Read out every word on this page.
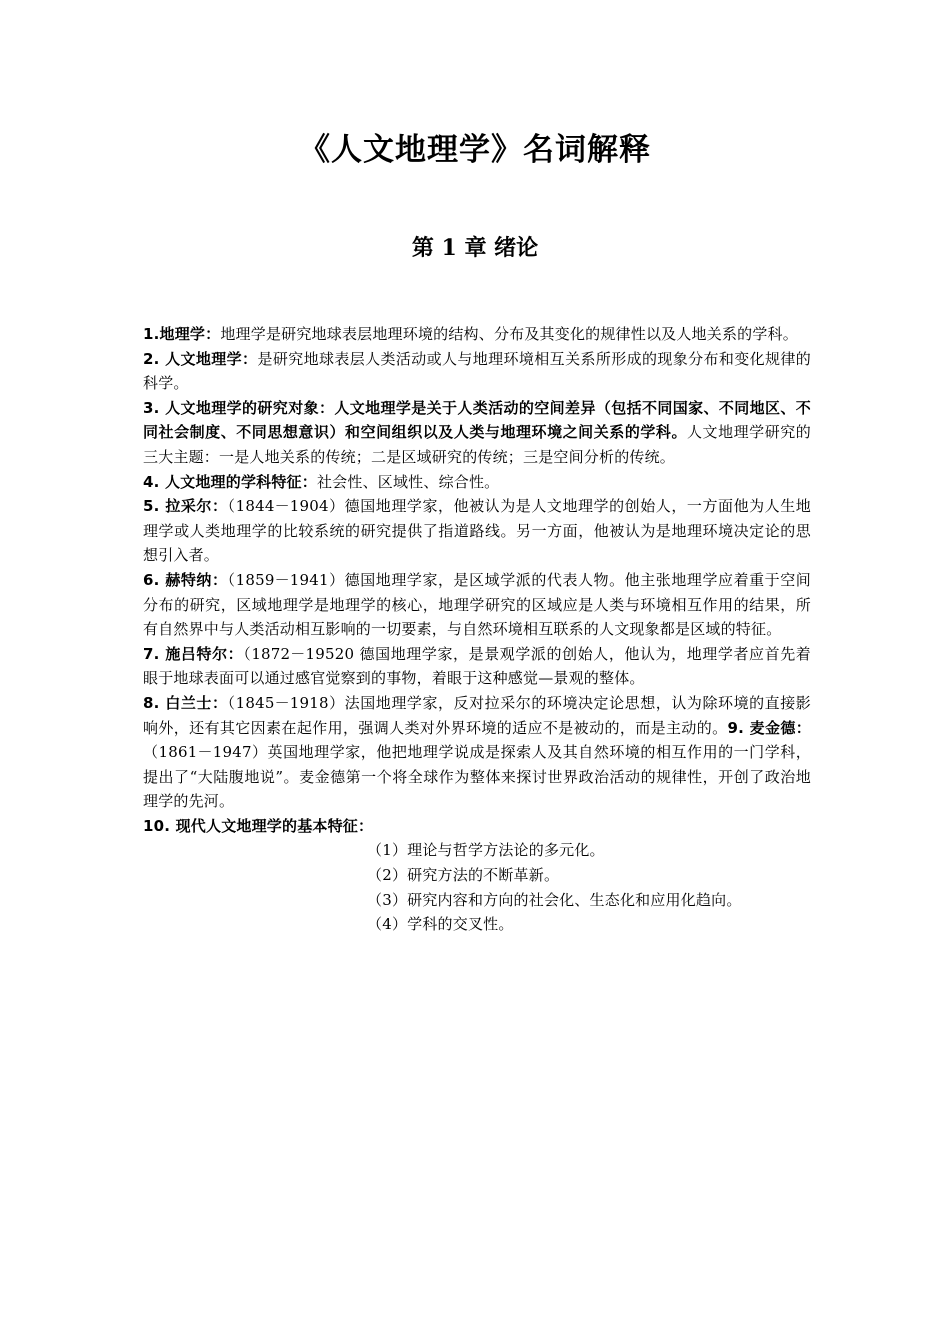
《人文地理学》名词解释
第 1 章 绪论

1.地理学：地理学是研究地球表层地理环境的结构、分布及其变化的规律性以及人地关系的学科。

2. 人文地理学：是研究地球表层人类活动或人与地理环境相互关系所形成的现象分布和变化规律的科学。

3. 人文地理学的研究对象：人文地理学是关于人类活动的空间差异（包括不同国家、不同地区、不同社会制度、不同思想意识）和空间组织以及人类与地理环境之间关系的学科。人文地理学研究的三大主题：一是人地关系的传统；二是区域研究的传统；三是空间分析的传统。

4. 人文地理的学科特征：社会性、区域性、综合性。

5. 拉采尔：（1844－1904）德国地理学家，他被认为是人文地理学的创始人，一方面他为人生地理学或人类地理学的比较系统的研究提供了指道路线。另一方面，他被认为是地理环境决定论的思想引入者。

6. 赫特纳：（1859－1941）德国地理学家，是区域学派的代表人物。他主张地理学应着重于空间分布的研究，区域地理学是地理学的核心，地理学研究的区域应是人类与环境相互作用的结果，所有自然界中与人类活动相互影响的一切要素，与自然环境相互联系的人文现象都是区域的特征。

7. 施吕特尔：（1872－19520 德国地理学家，是景观学派的创始人，他认为，地理学者应首先着眼于地球表面可以通过感官觉察到的事物，着眼于这种感觉—景观的整体。

8. 白兰士：（1845－1918）法国地理学家，反对拉采尔的环境决定论思想，认为除环境的直接影响外，还有其它因素在起作用，强调人类对外界环境的适应不是被动的，而是主动的。9. 麦金德：（1861－1947）英国地理学家，他把地理学说成是探索人及其自然环境的相互作用的一门学科，提出了“大陆腹地说”。麦金德第一个将全球作为整体来探讨世界政治活动的规律性，开创了政治地理学的先河。

10. 现代人文地理学的基本特征：

（1）理论与哲学方法论的多元化。
（2）研究方法的不断革新。
（3）研究内容和方向的社会化、生态化和应用化趋向。
（4）学科的交叉性。
